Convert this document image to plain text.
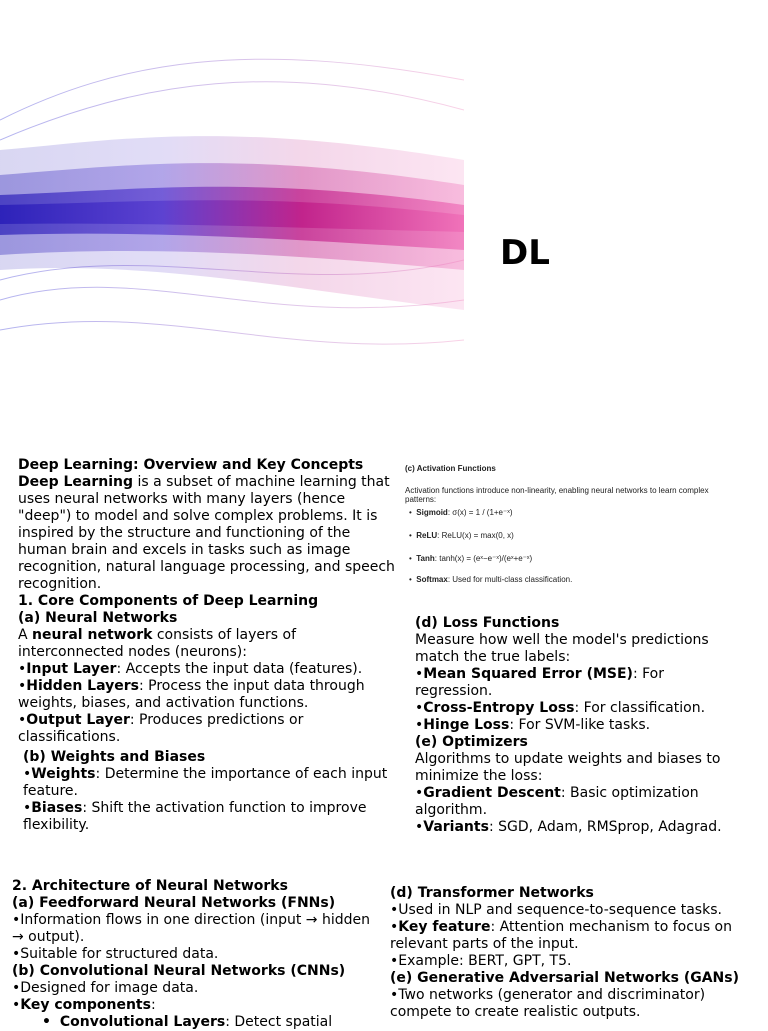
DL

Deep Learning: Overview and Key Concepts

Deep Learning is a subset of machine learning that uses neural networks with many layers (hence "deep") to model and solve complex problems. It is inspired by the structure and functioning of the human brain and excels in tasks such as image recognition, natural language processing, and speech recognition.

1. Core Components of Deep Learning

(a) Neural Networks

A neural network consists of layers of interconnected nodes (neurons):

•Input Layer: Accepts the input data (features).

•Hidden Layers: Process the input data through weights, biases, and activation functions.

•Output Layer: Produces predictions or classifications.

(b) Weights and Biases

•Weights: Determine the importance of each input feature.

•Biases: Shift the activation function to improve flexibility.

(c) Activation Functions
Activation functions introduce non-linearity, enabling neural networks to learn complex patterns:
• Sigmoid: σ(x) = 1 / (1+e⁻ˣ)
• ReLU: ReLU(x) = max(0, x)
• Tanh: tanh(x) = (eˣ−e⁻ˣ)/(eˣ+e⁻ˣ)
• Softmax: Used for multi-class classification.

(d) Loss Functions

Measure how well the model's predictions match the true labels:

•Mean Squared Error (MSE): For regression.

•Cross-Entropy Loss: For classification.

•Hinge Loss: For SVM-like tasks.

(e) Optimizers

Algorithms to update weights and biases to minimize the loss:

•Gradient Descent: Basic optimization algorithm.

•Variants: SGD, Adam, RMSprop, Adagrad.

2. Architecture of Neural Networks

(a) Feedforward Neural Networks (FNNs)

•Information flows in one direction (input → hidden → output).

•Suitable for structured data.

(b) Convolutional Neural Networks (CNNs)

•Designed for image data.

•Key components:

• Convolutional Layers: Detect spatial

(d) Transformer Networks

•Used in NLP and sequence-to-sequence tasks.

•Key feature: Attention mechanism to focus on relevant parts of the input.

•Example: BERT, GPT, T5.

(e) Generative Adversarial Networks (GANs)

•Two networks (generator and discriminator) compete to create realistic outputs.
